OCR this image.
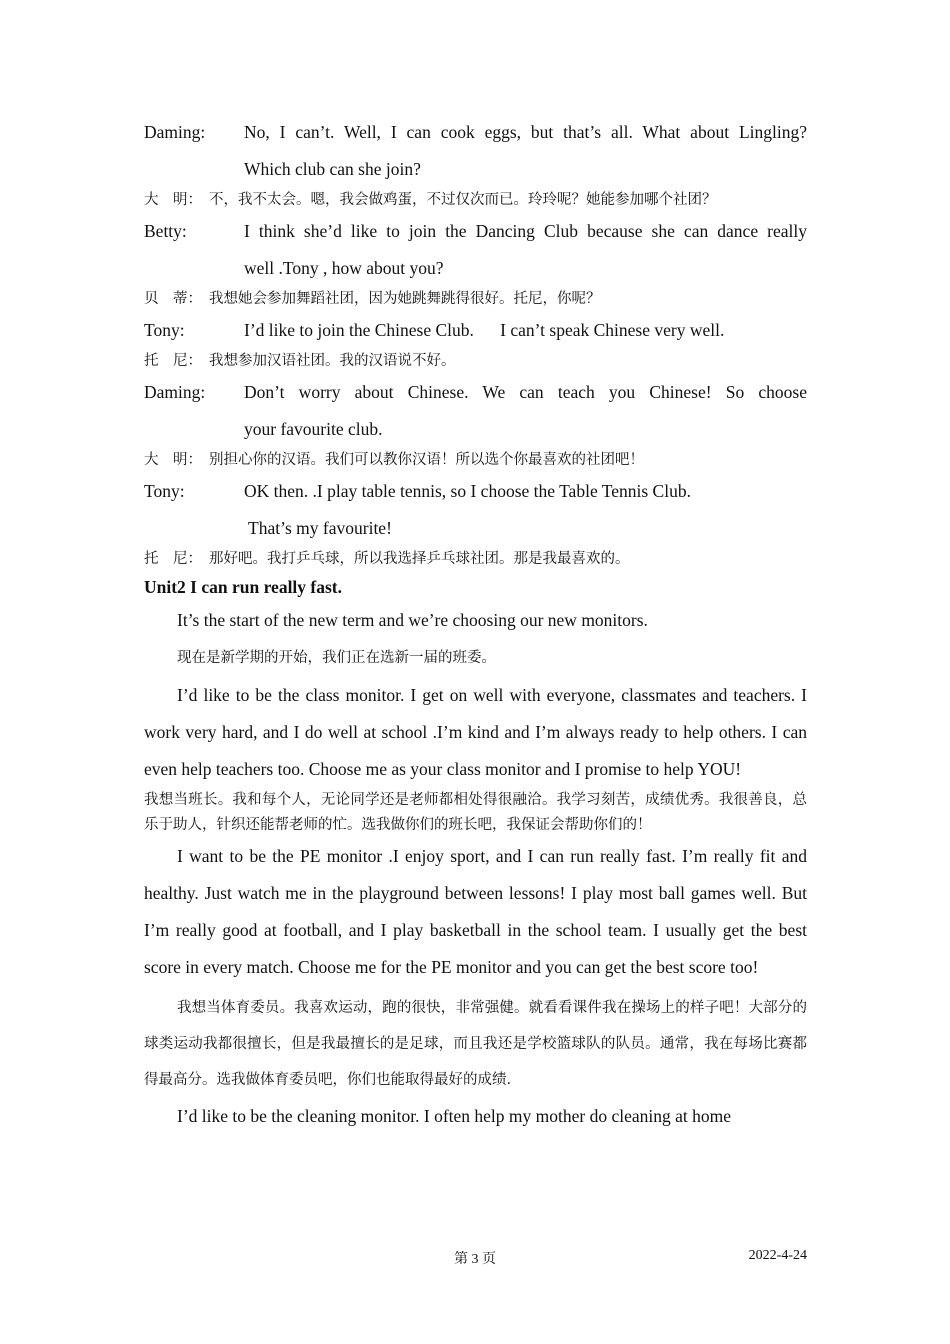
Daming:	No, I can’t. Well, I can cook eggs, but that’s all. What about Lingling?
Which club can she join?
大　明： 不，我不太会。嗯，我会做鸡蛋，不过仅次而已。玲玲呢？她能参加哪个社团？
Betty:	I think she’d like to join the Dancing Club because she can dance really
well .Tony , how about you?
贝　蒂： 我想她会参加舞蹈社团，因为她跳舞跳得很好。托尼，你呢？
Tony:	I’d like to join the Chinese Club.      I can’t speak Chinese very well.
托　尼： 我想参加汉语社团。我的汉语说不好。
Daming:	Don’t worry about Chinese. We can teach you Chinese! So choose
your favourite club.
大　明： 别担心你的汉语。我们可以教你汉语！所以选个你最喜欢的社团吧！
Tony:	OK then. .I play table tennis, so I choose the Table Tennis Club.
That’s my favourite!
托　尼： 那好吧。我打乒乓球，所以我选择乒乓球社团。那是我最喜欢的。
Unit2 I can run really fast.
It’s the start of the new term and we’re choosing our new monitors.
现在是新学期的开始，我们正在选新一届的班委。
I’d like to be the class monitor. I get on well with everyone, classmates and teachers. I work very hard, and I do well at school .I’m kind and I’m always ready to help others. I can even help teachers too. Choose me as your class monitor and I promise to help YOU!
我想当班长。我和每个人，无论同学还是老师都相处得很融洽。我学习刻苦，成绩优秀。我很善良，总乐于助人，针织还能帮老师的忙。选我做你们的班长吧，我保证会帮助你们的！
I want to be the PE monitor .I enjoy sport, and I can run really fast. I’m really fit and healthy. Just watch me in the playground between lessons! I play most ball games well. But I’m really good at football, and I play basketball in the school team. I usually get the best score in every match. Choose me for the PE monitor and you can get the best score too!
我想当体育委员。我喜欢运动，跑的很快，非常强健。就看看课件我在操场上的样子吧！大部分的球类运动我都很擅长，但是我最擅长的是足球，而且我还是学校篮球队的队员。通常，我在每场比赛都得最高分。选我做体育委员吧，你们也能取得最好的成绩.
I’d like to be the cleaning monitor. I often help my mother do cleaning at home
第 3 页	2022-4-24
